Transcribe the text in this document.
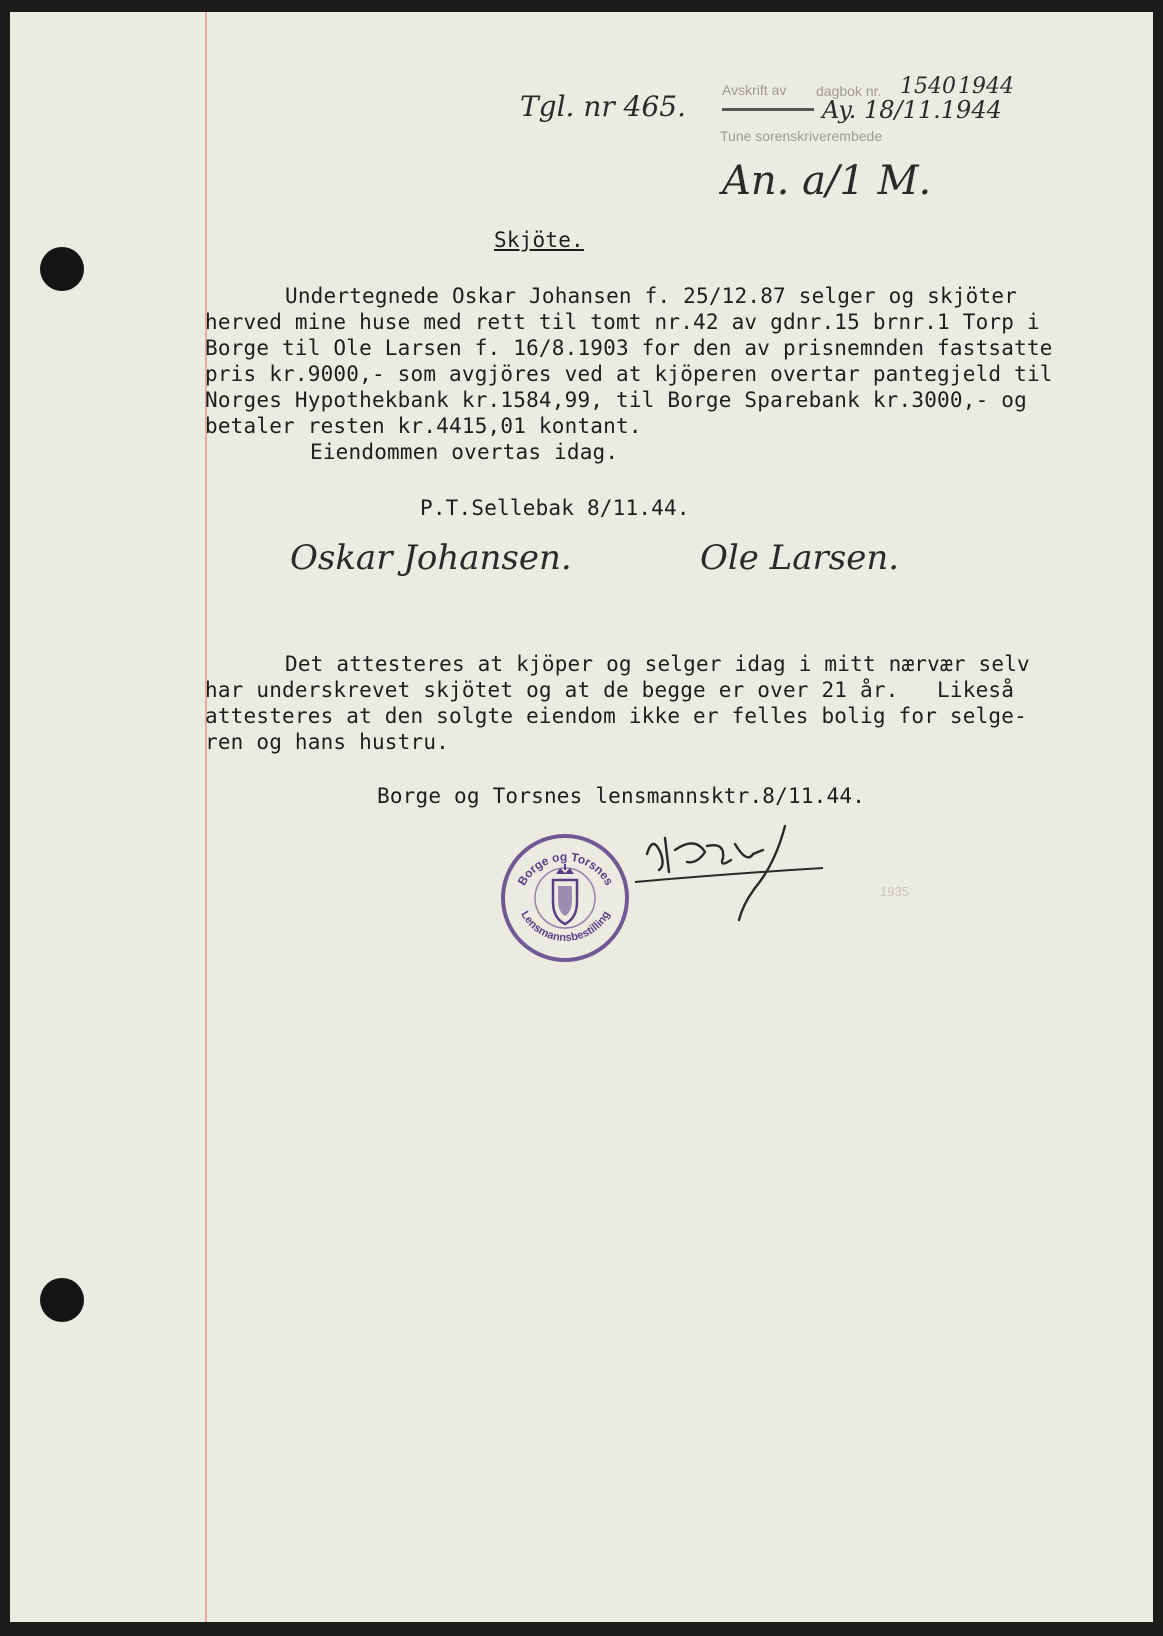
Tgl. nr 465.	Avskrift av dagbok nr. 1540 1944
Ay. 18/11.1944
Tune sorenskriverembede
An. a/1 M.
Skjöte.
Undertegnede Oskar Johansen f. 25/12.87 selger og skjöter
herved mine huse med rett til tomt nr.42 av gdnr.15 brnr.1 Torp i
Borge til Ole Larsen f. 16/8.1903 for den av prisnemnden fastsatte
pris kr.9000,- som avgjöres ved at kjöperen overtar pantegjeld til
Norges Hypothekbank kr.1584,99, til Borge Sparebank kr.3000,- og
betaler resten kr.4415,01 kontant.
Eiendommen overtas idag.
P.T.Sellebak 8/11.44.
Oskar Johansen.	Ole Larsen.
Det attesteres at kjöper og selger idag i mitt nærvær selv
har underskrevet skjötet og at de begge er over 21 år.   Likeså
attesteres at den solgte eiendom ikke er felles bolig for selge-
ren og hans hustru.
Borge og Torsnes lensmannsktr.8/11.44.
Borge og Torsnes
Lensmannsbestilling
1935
